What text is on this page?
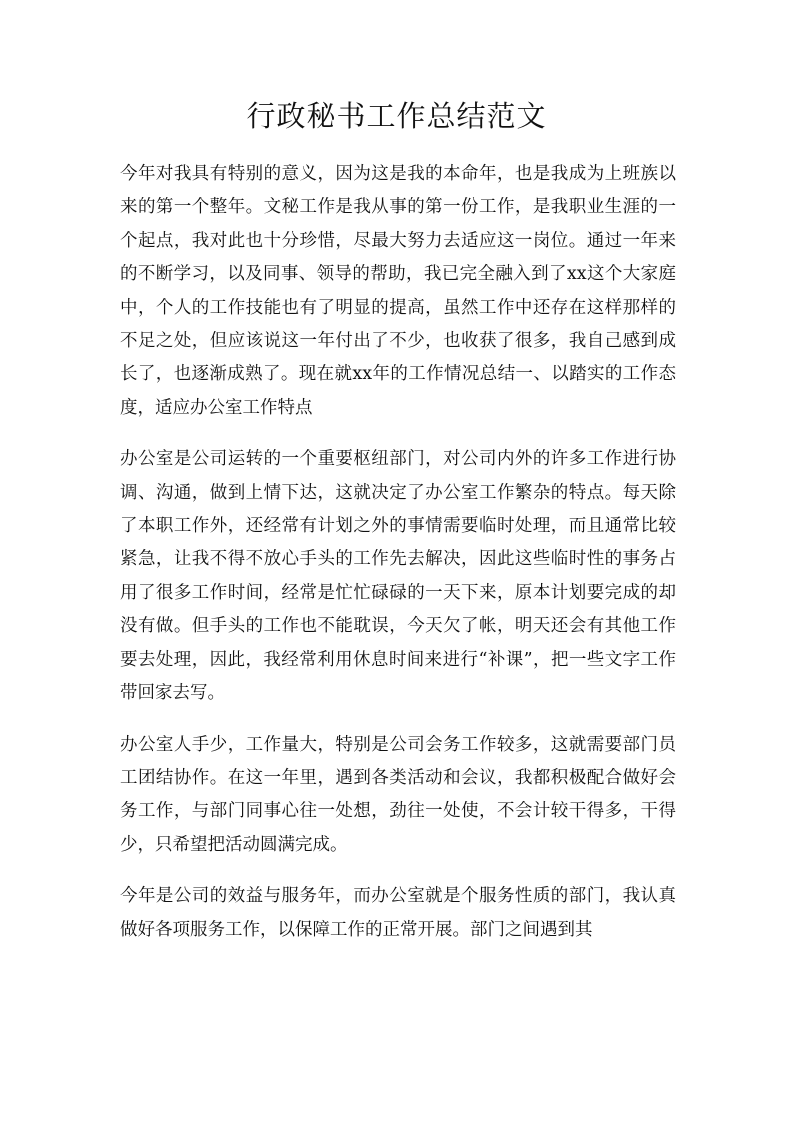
行政秘书工作总结范文

今年对我具有特别的意义，因为这是我的本命年，也是我成为上班族以来的第一个整年。文秘工作是我从事的第一份工作，是我职业生涯的一个起点，我对此也十分珍惜，尽最大努力去适应这一岗位。通过一年来的不断学习，以及同事、领导的帮助，我已完全融入到了xx这个大家庭中，个人的工作技能也有了明显的提高，虽然工作中还存在这样那样的不足之处，但应该说这一年付出了不少，也收获了很多，我自己感到成长了，也逐渐成熟了。现在就xx年的工作情况总结一、以踏实的工作态度，适应办公室工作特点

办公室是公司运转的一个重要枢纽部门，对公司内外的许多工作进行协调、沟通，做到上情下达，这就决定了办公室工作繁杂的特点。每天除了本职工作外，还经常有计划之外的事情需要临时处理，而且通常比较紧急，让我不得不放心手头的工作先去解决，因此这些临时性的事务占用了很多工作时间，经常是忙忙碌碌的一天下来，原本计划要完成的却没有做。但手头的工作也不能耽误，今天欠了帐，明天还会有其他工作要去处理，因此，我经常利用休息时间来进行“补课”，把一些文字工作带回家去写。

办公室人手少，工作量大，特别是公司会务工作较多，这就需要部门员工团结协作。在这一年里，遇到各类活动和会议，我都积极配合做好会务工作，与部门同事心往一处想，劲往一处使，不会计较干得多，干得少，只希望把活动圆满完成。

今年是公司的效益与服务年，而办公室就是个服务性质的部门，我认真做好各项服务工作，以保障工作的正常开展。部门之间遇到其
